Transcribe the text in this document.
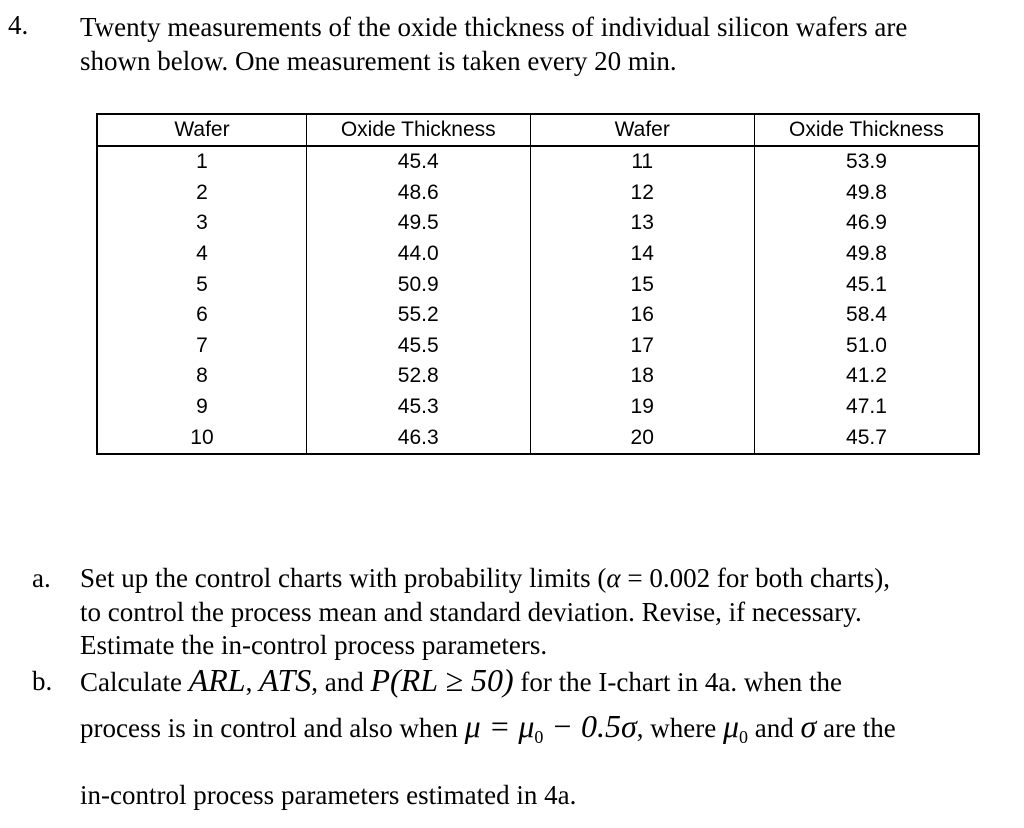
4. Twenty measurements of the oxide thickness of individual silicon wafers are
shown below. One measurement is taken every 20 min.

Wafer	Oxide Thickness	Wafer	Oxide Thickness
1	45.4	11	53.9
2	48.6	12	49.8
3	49.5	13	46.9
4	44.0	14	49.8
5	50.9	15	45.1
6	55.2	16	58.4
7	45.5	17	51.0
8	52.8	18	41.2
9	45.3	19	47.1
10	46.3	20	45.7
a. Set up the control charts with probability limits (α = 0.002 for both charts),
to control the process mean and standard deviation. Revise, if necessary.
Estimate the in-control process parameters.
b. Calculate ARL, ATS, and P(RL ≥ 50) for the I-chart in 4a. when the
process is in control and also when $\mu = \mu_0 - 0.5\sigma$, where $\mu_0$ and σ are the
in-control process parameters estimated in 4a.
